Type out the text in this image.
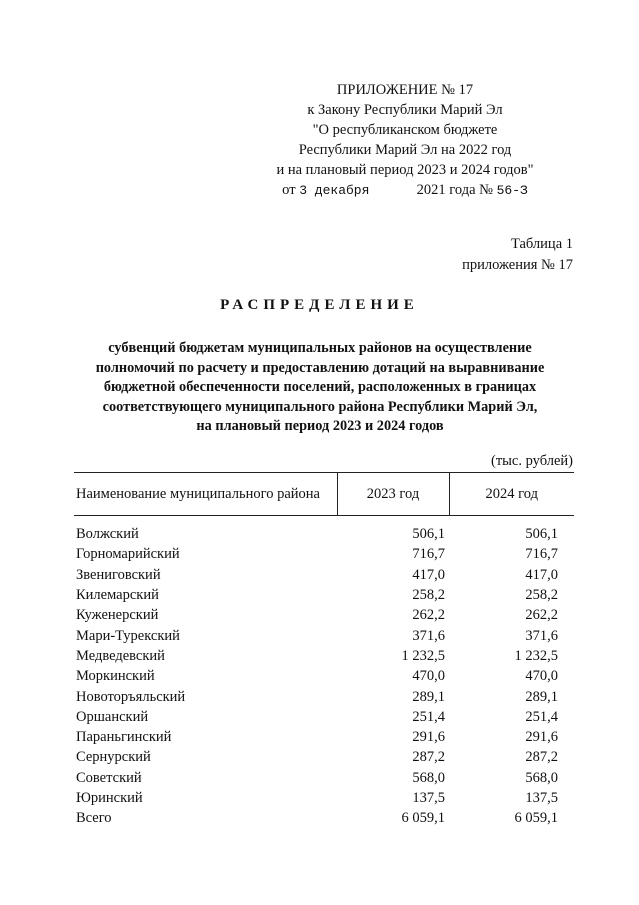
ПРИЛОЖЕНИЕ № 17
к Закону Республики Марий Эл
"О республиканском бюджете
Республики Марий Эл на 2022 год
и на плановый период 2023 и 2024 годов"
от 3 декабря	2021 года № 56-З
Таблица 1
приложения № 17
РАСПРЕДЕЛЕНИЕ
субвенций бюджетам муниципальных районов на осуществление
полномочий по расчету и предоставлению дотаций на выравнивание
бюджетной обеспеченности поселений, расположенных в границах
соответствующего муниципального района Республики Марий Эл,
на плановый период 2023 и 2024 годов
(тыс. рублей)
Наименование муниципального района	2023 год	2024 год

Волжский	506,1	506,1
Горномарийский	716,7	716,7
Звениговский	417,0	417,0
Килемарский	258,2	258,2
Куженерский	262,2	262,2
Мари-Турекский	371,6	371,6
Медведевский	1 232,5	1 232,5
Моркинский	470,0	470,0
Новоторъяльский	289,1	289,1
Оршанский	251,4	251,4
Параньгинский	291,6	291,6
Сернурский	287,2	287,2
Советский	568,0	568,0
Юринский	137,5	137,5
Всего	6 059,1	6 059,1
